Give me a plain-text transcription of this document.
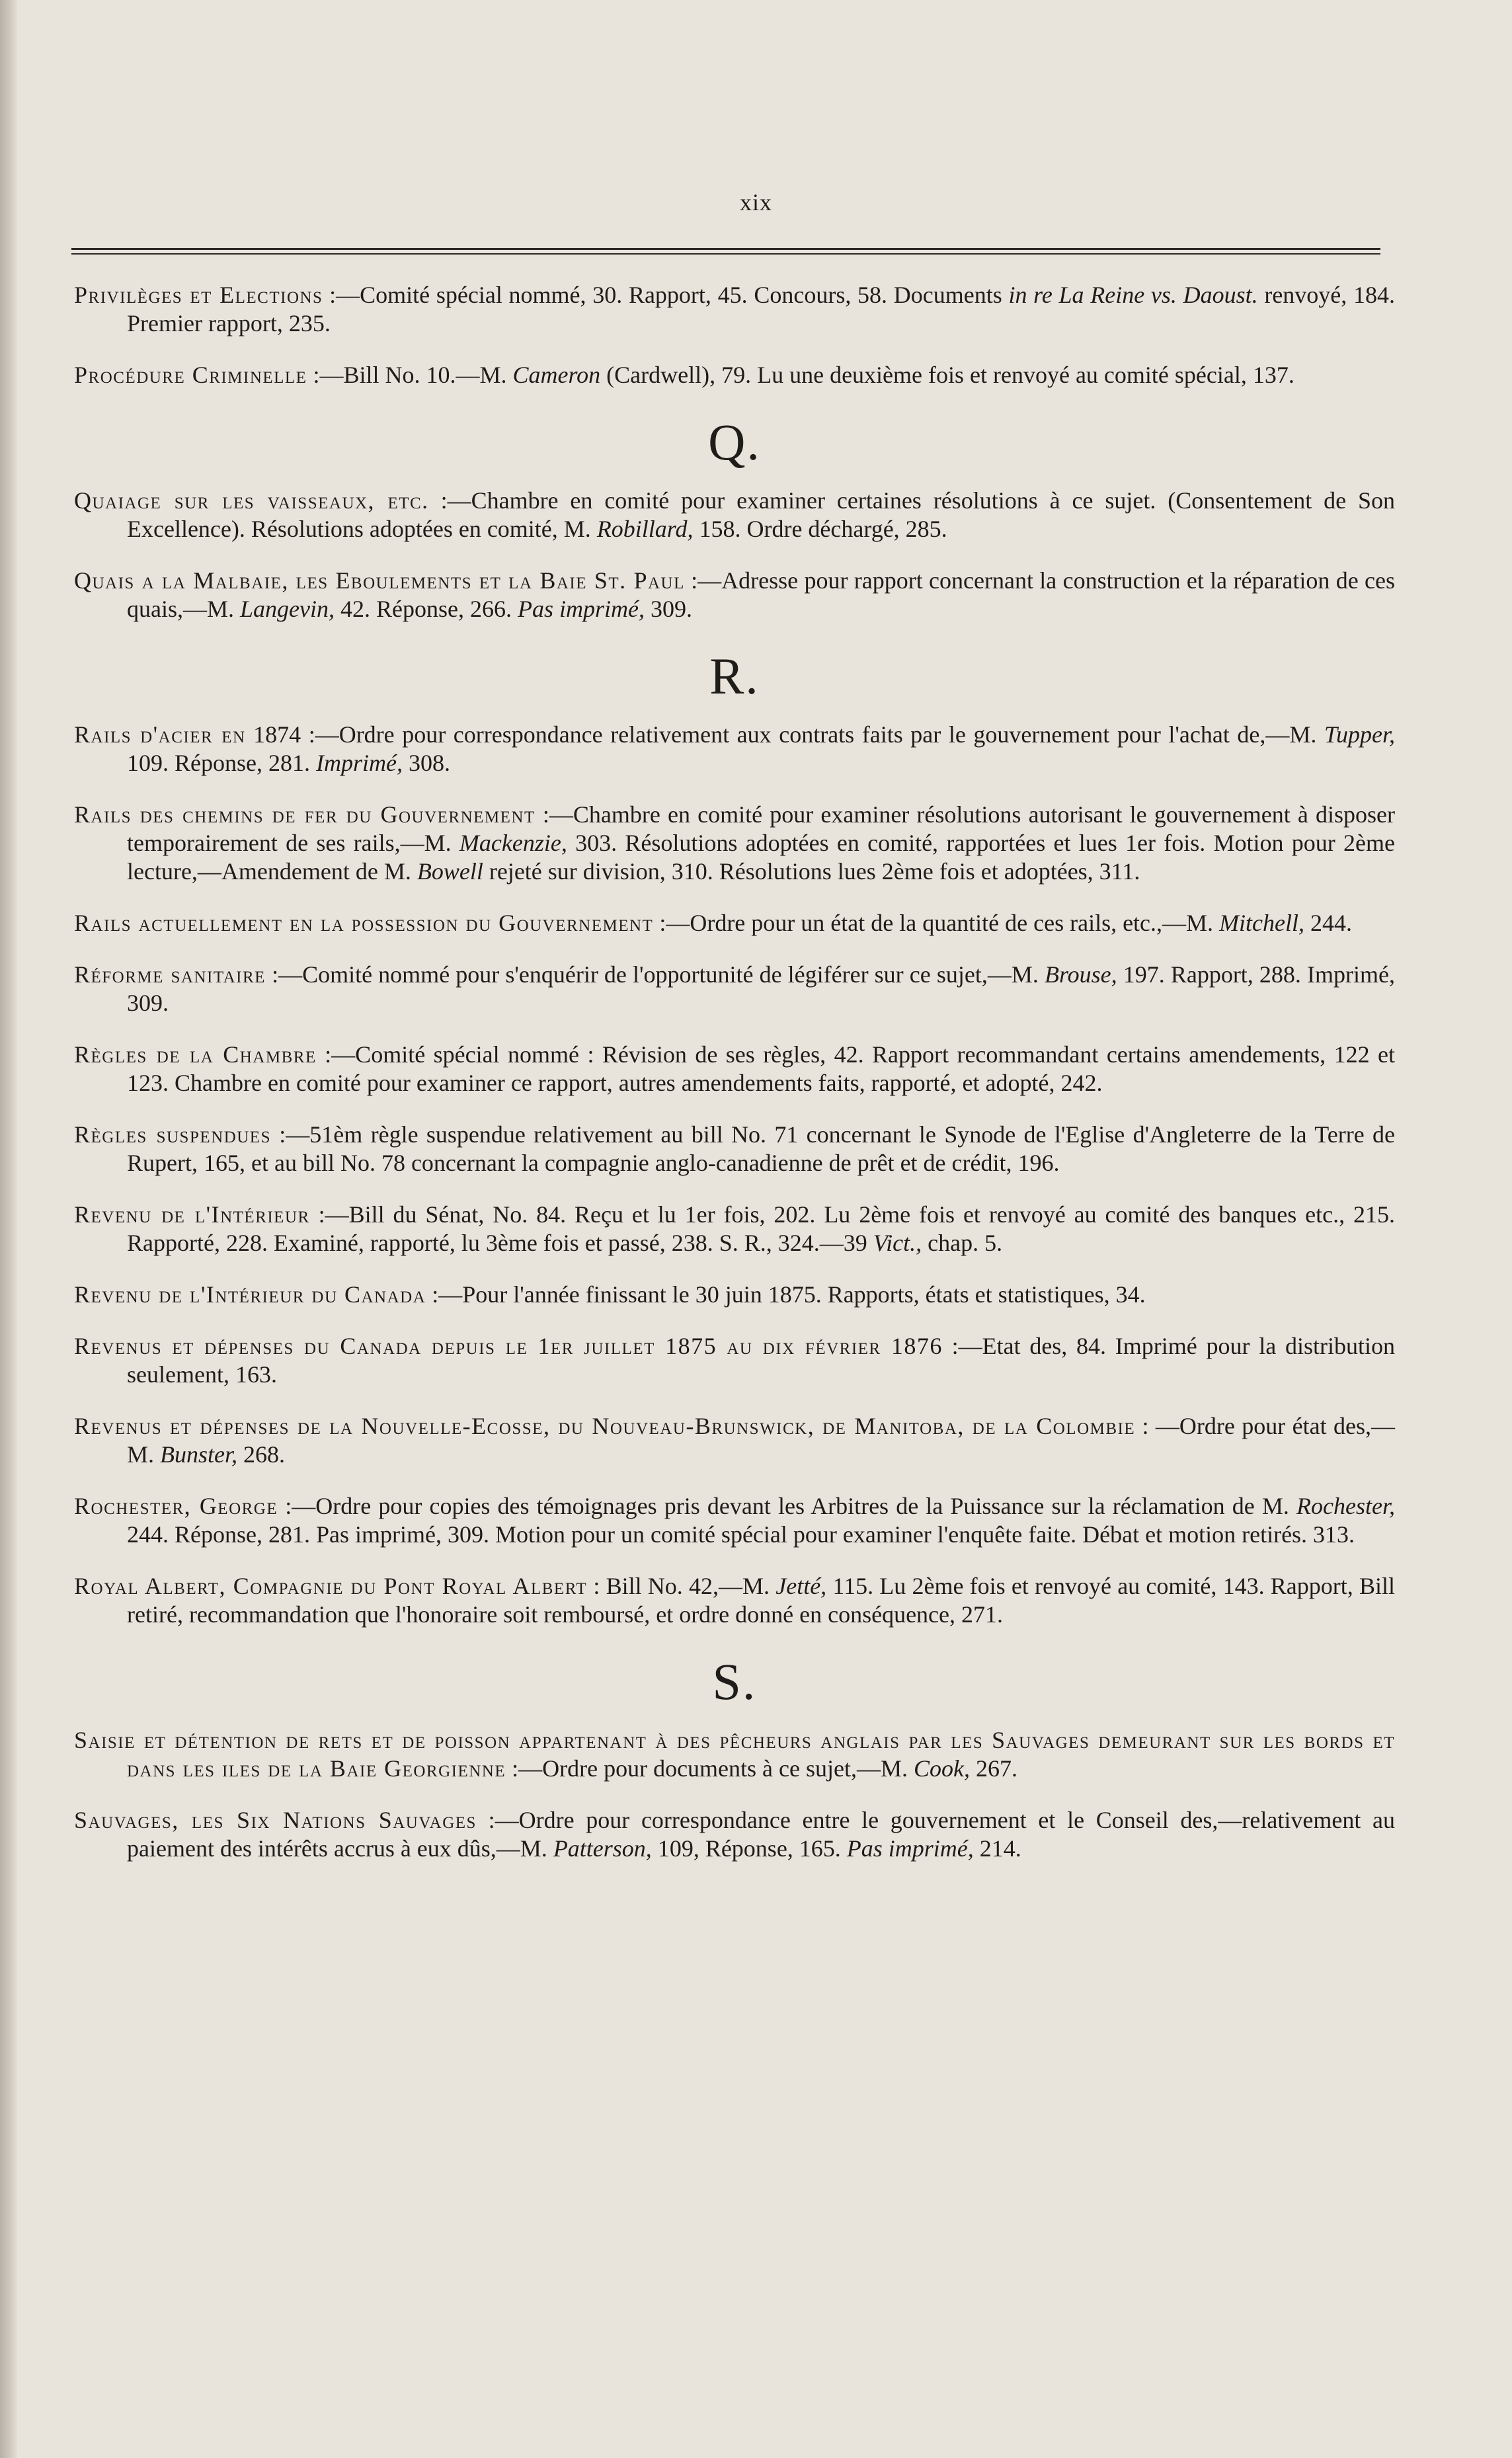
xix

Privilèges et Elections :—Comité spécial nommé, 30. Rapport, 45. Concours, 58. Documents in re La Reine vs. Daoust. renvoyé, 184. Premier rapport, 235.

Procédure Criminelle :—Bill No. 10.—M. Cameron (Cardwell), 79. Lu une deuxième fois et renvoyé au comité spécial, 137.

Q.

Quaiage sur les vaisseaux, etc. :—Chambre en comité pour examiner certaines résolutions à ce sujet. (Consentement de Son Excellence). Résolutions adoptées en comité, M. Robillard, 158. Ordre déchargé, 285.

Quais a la Malbaie, les Eboulements et la Baie St. Paul :—Adresse pour rapport concernant la construction et la réparation de ces quais,—M. Langevin, 42. Réponse, 266. Pas imprimé, 309.

R.

Rails d'acier en 1874 :—Ordre pour correspondance relativement aux contrats faits par le gouvernement pour l'achat de,—M. Tupper, 109. Réponse, 281. Imprimé, 308.

Rails des chemins de fer du Gouvernement :—Chambre en comité pour examiner résolutions autorisant le gouvernement à disposer temporairement de ses rails,—M. Mackenzie, 303. Résolutions adoptées en comité, rapportées et lues 1er fois. Motion pour 2ème lecture,—Amendement de M. Bowell rejeté sur division, 310. Résolutions lues 2ème fois et adoptées, 311.

Rails actuellement en la possession du Gouvernement :—Ordre pour un état de la quantité de ces rails, etc.,—M. Mitchell, 244.

Réforme sanitaire :—Comité nommé pour s'enquérir de l'opportunité de légiférer sur ce sujet,—M. Brouse, 197. Rapport, 288. Imprimé, 309.

Règles de la Chambre :—Comité spécial nommé : Révision de ses règles, 42. Rapport recommandant certains amendements, 122 et 123. Chambre en comité pour examiner ce rapport, autres amendements faits, rapporté, et adopté, 242.

Règles suspendues :—51èm règle suspendue relativement au bill No. 71 concernant le Synode de l'Eglise d'Angleterre de la Terre de Rupert, 165, et au bill No. 78 concernant la compagnie anglo-canadienne de prêt et de crédit, 196.

Revenu de l'Intérieur :—Bill du Sénat, No. 84. Reçu et lu 1er fois, 202. Lu 2ème fois et renvoyé au comité des banques etc., 215. Rapporté, 228. Examiné, rapporté, lu 3ème fois et passé, 238. S. R., 324.—39 Vict., chap. 5.

Revenu de l'Intérieur du Canada :—Pour l'année finissant le 30 juin 1875. Rapports, états et statistiques, 34.

Revenus et dépenses du Canada depuis le 1er juillet 1875 au dix février 1876 :—Etat des, 84. Imprimé pour la distribution seulement, 163.

Revenus et dépenses de la Nouvelle-Ecosse, du Nouveau-Brunswick, de Manitoba, de la Colombie : —Ordre pour état des,— M. Bunster, 268.

Rochester, George :—Ordre pour copies des témoignages pris devant les Arbitres de la Puissance sur la réclamation de M. Rochester, 244. Réponse, 281. Pas imprimé, 309. Motion pour un comité spécial pour examiner l'enquête faite. Débat et motion retirés. 313.

Royal Albert, Compagnie du Pont Royal Albert : Bill No. 42,—M. Jetté, 115. Lu 2ème fois et renvoyé au comité, 143. Rapport, Bill retiré, recommandation que l'honoraire soit remboursé, et ordre donné en conséquence, 271.

S.

Saisie et détention de rets et de poisson appartenant à des pêcheurs anglais par les Sauvages demeurant sur les bords et dans les iles de la Baie Georgienne :—Ordre pour documents à ce sujet,—M. Cook, 267.

Sauvages, les Six Nations Sauvages :—Ordre pour correspondance entre le gouvernement et le Conseil des,—relativement au paiement des intérêts accrus à eux dûs,—M. Patterson, 109, Réponse, 165. Pas imprimé, 214.
